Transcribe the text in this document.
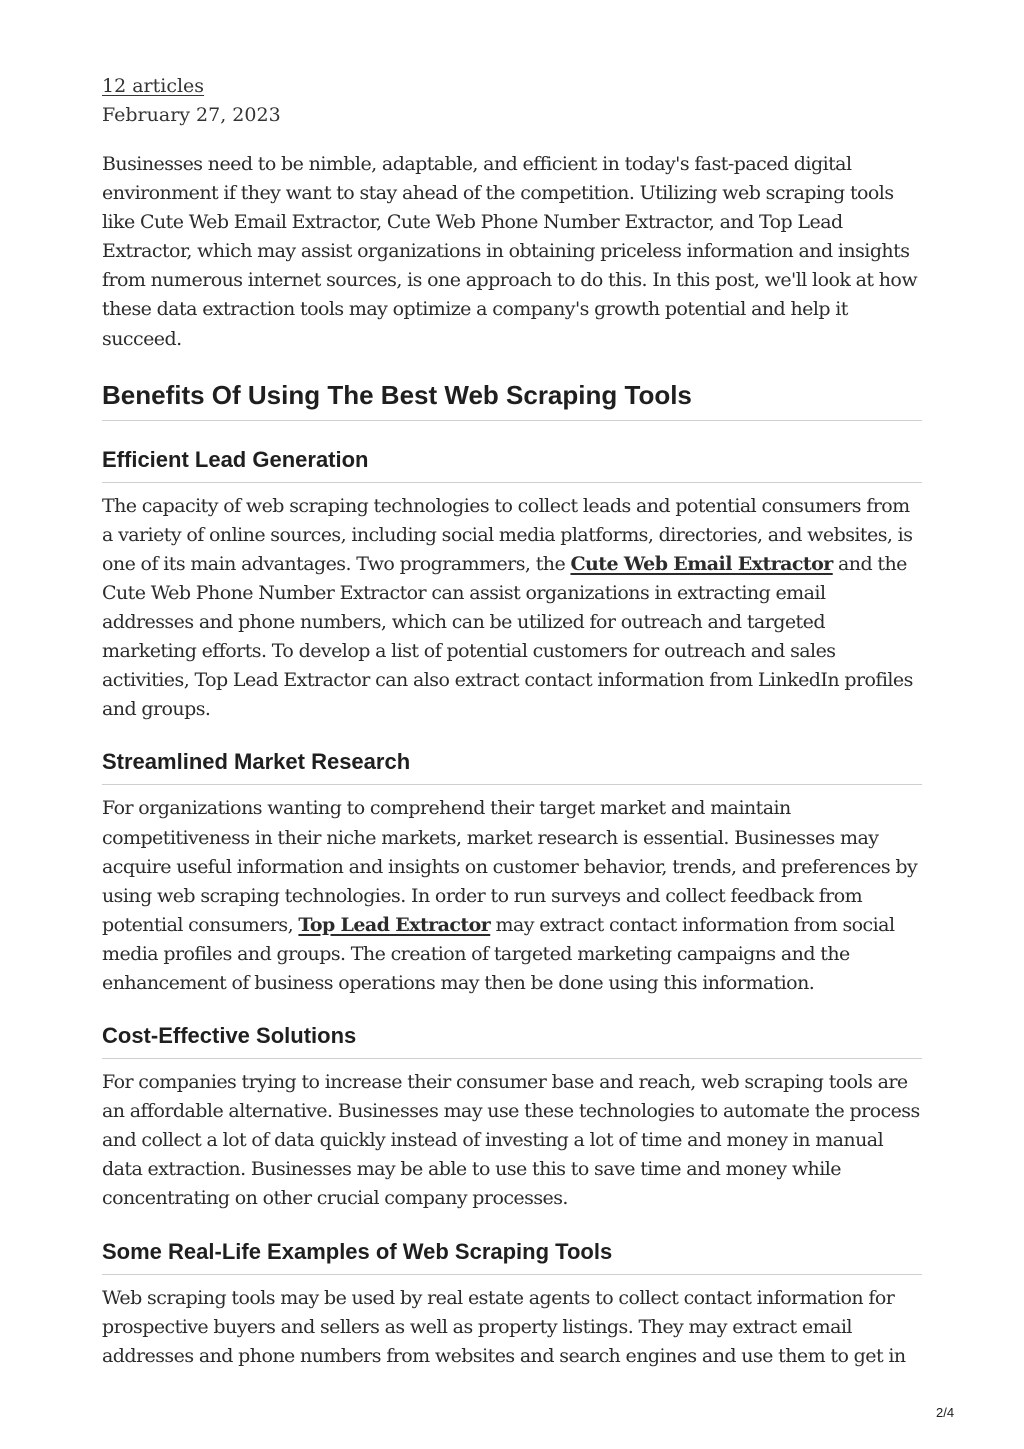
12 articles
February 27, 2023

Businesses need to be nimble, adaptable, and efficient in today's fast-paced digital environment if they want to stay ahead of the competition. Utilizing web scraping tools like Cute Web Email Extractor, Cute Web Phone Number Extractor, and Top Lead Extractor, which may assist organizations in obtaining priceless information and insights from numerous internet sources, is one approach to do this. In this post, we'll look at how these data extraction tools may optimize a company's growth potential and help it succeed.

Benefits Of Using The Best Web Scraping Tools
Efficient Lead Generation

The capacity of web scraping technologies to collect leads and potential consumers from a variety of online sources, including social media platforms, directories, and websites, is one of its main advantages. Two programmers, the Cute Web Email Extractor and the Cute Web Phone Number Extractor can assist organizations in extracting email addresses and phone numbers, which can be utilized for outreach and targeted marketing efforts. To develop a list of potential customers for outreach and sales activities, Top Lead Extractor can also extract contact information from LinkedIn profiles and groups.

Streamlined Market Research

For organizations wanting to comprehend their target market and maintain competitiveness in their niche markets, market research is essential. Businesses may acquire useful information and insights on customer behavior, trends, and preferences by using web scraping technologies. In order to run surveys and collect feedback from potential consumers, Top Lead Extractor may extract contact information from social media profiles and groups. The creation of targeted marketing campaigns and the enhancement of business operations may then be done using this information.

Cost-Effective Solutions

For companies trying to increase their consumer base and reach, web scraping tools are an affordable alternative. Businesses may use these technologies to automate the process and collect a lot of data quickly instead of investing a lot of time and money in manual data extraction. Businesses may be able to use this to save time and money while concentrating on other crucial company processes.

Some Real-Life Examples of Web Scraping Tools

Web scraping tools may be used by real estate agents to collect contact information for prospective buyers and sellers as well as property listings. They may extract email addresses and phone numbers from websites and search engines and use them to get in

2/4
